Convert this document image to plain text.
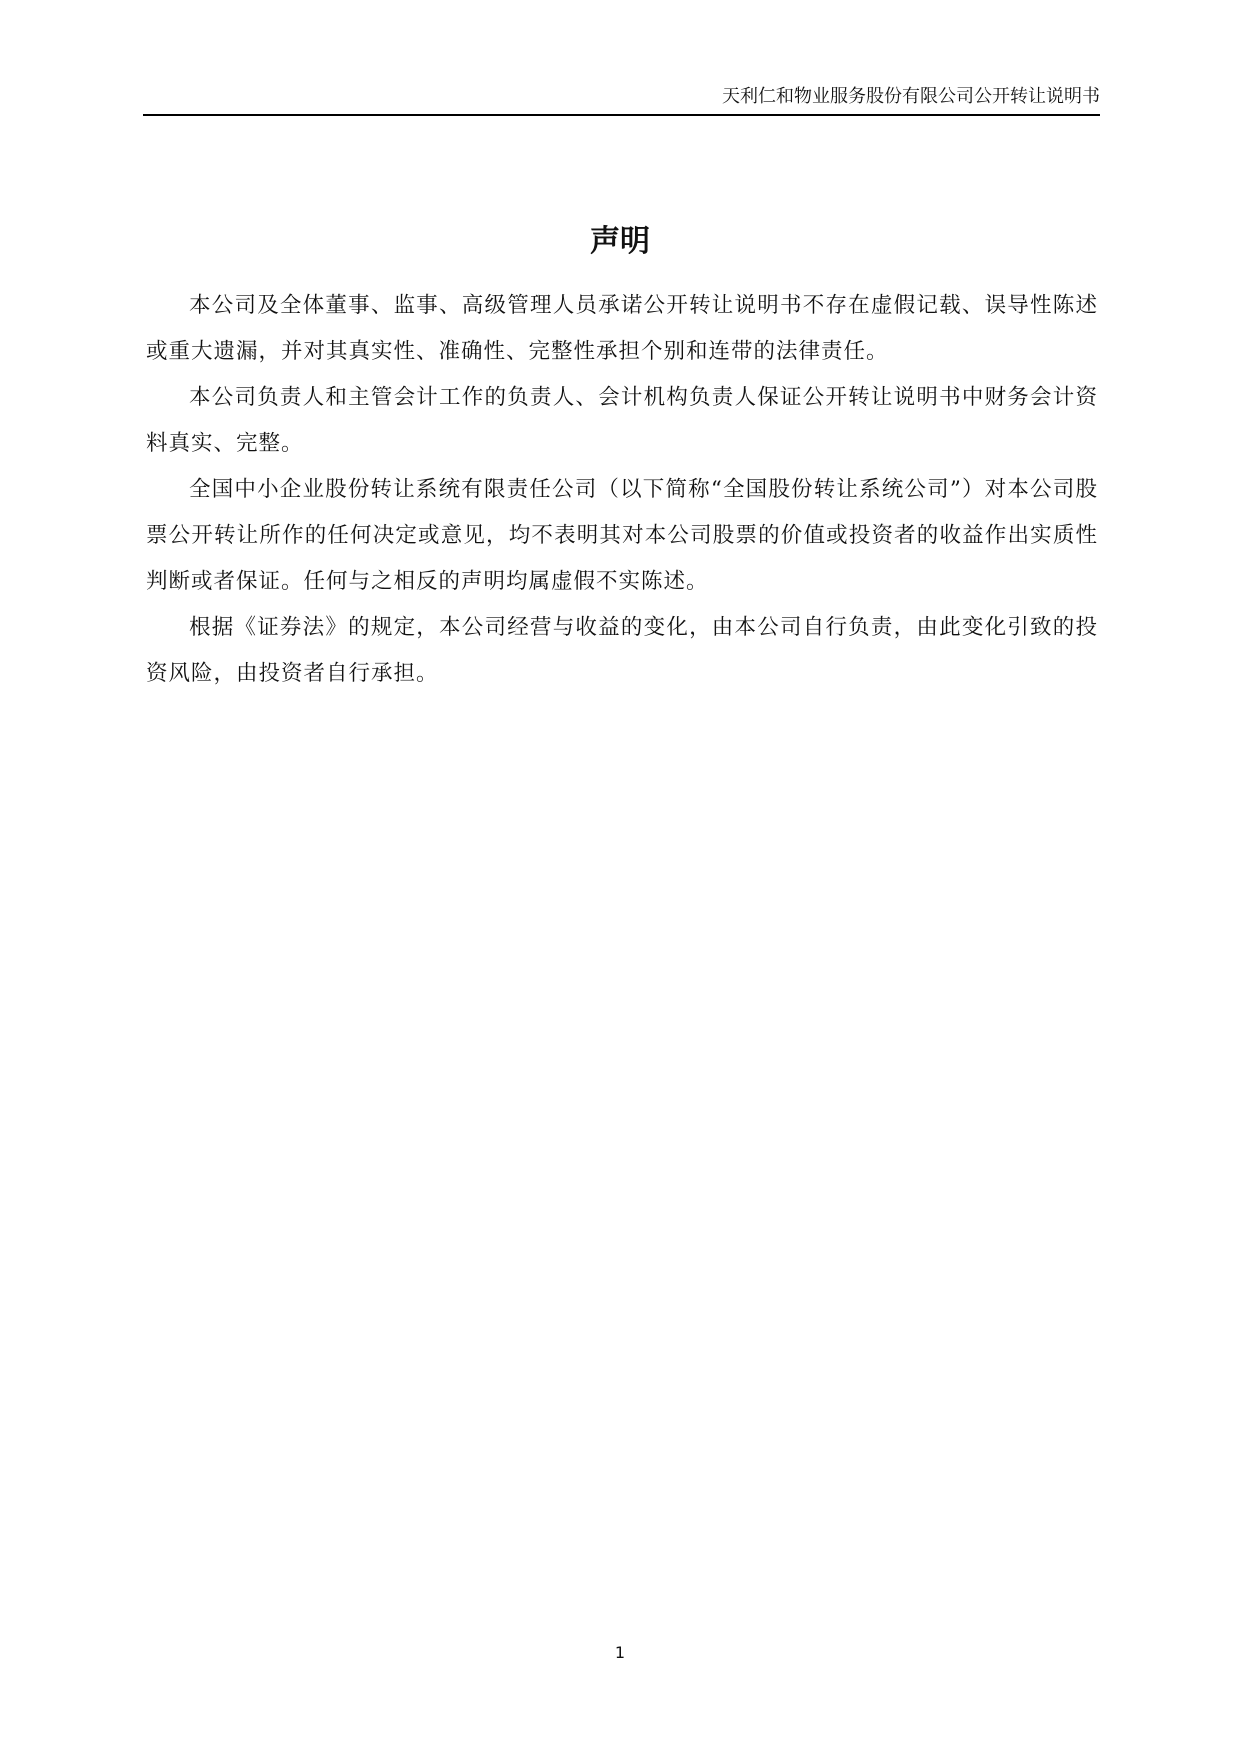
天利仁和物业服务股份有限公司公开转让说明书
声明

本公司及全体董事、监事、高级管理人员承诺公开转让说明书不存在虚假记载、误导性陈述或重大遗漏，并对其真实性、准确性、完整性承担个别和连带的法律责任。

本公司负责人和主管会计工作的负责人、会计机构负责人保证公开转让说明书中财务会计资料真实、完整。

全国中小企业股份转让系统有限责任公司（以下简称“全国股份转让系统公司”）对本公司股票公开转让所作的任何决定或意见，均不表明其对本公司股票的价值或投资者的收益作出实质性判断或者保证。任何与之相反的声明均属虚假不实陈述。

根据《证券法》的规定，本公司经营与收益的变化，由本公司自行负责，由此变化引致的投资风险，由投资者自行承担。

1
